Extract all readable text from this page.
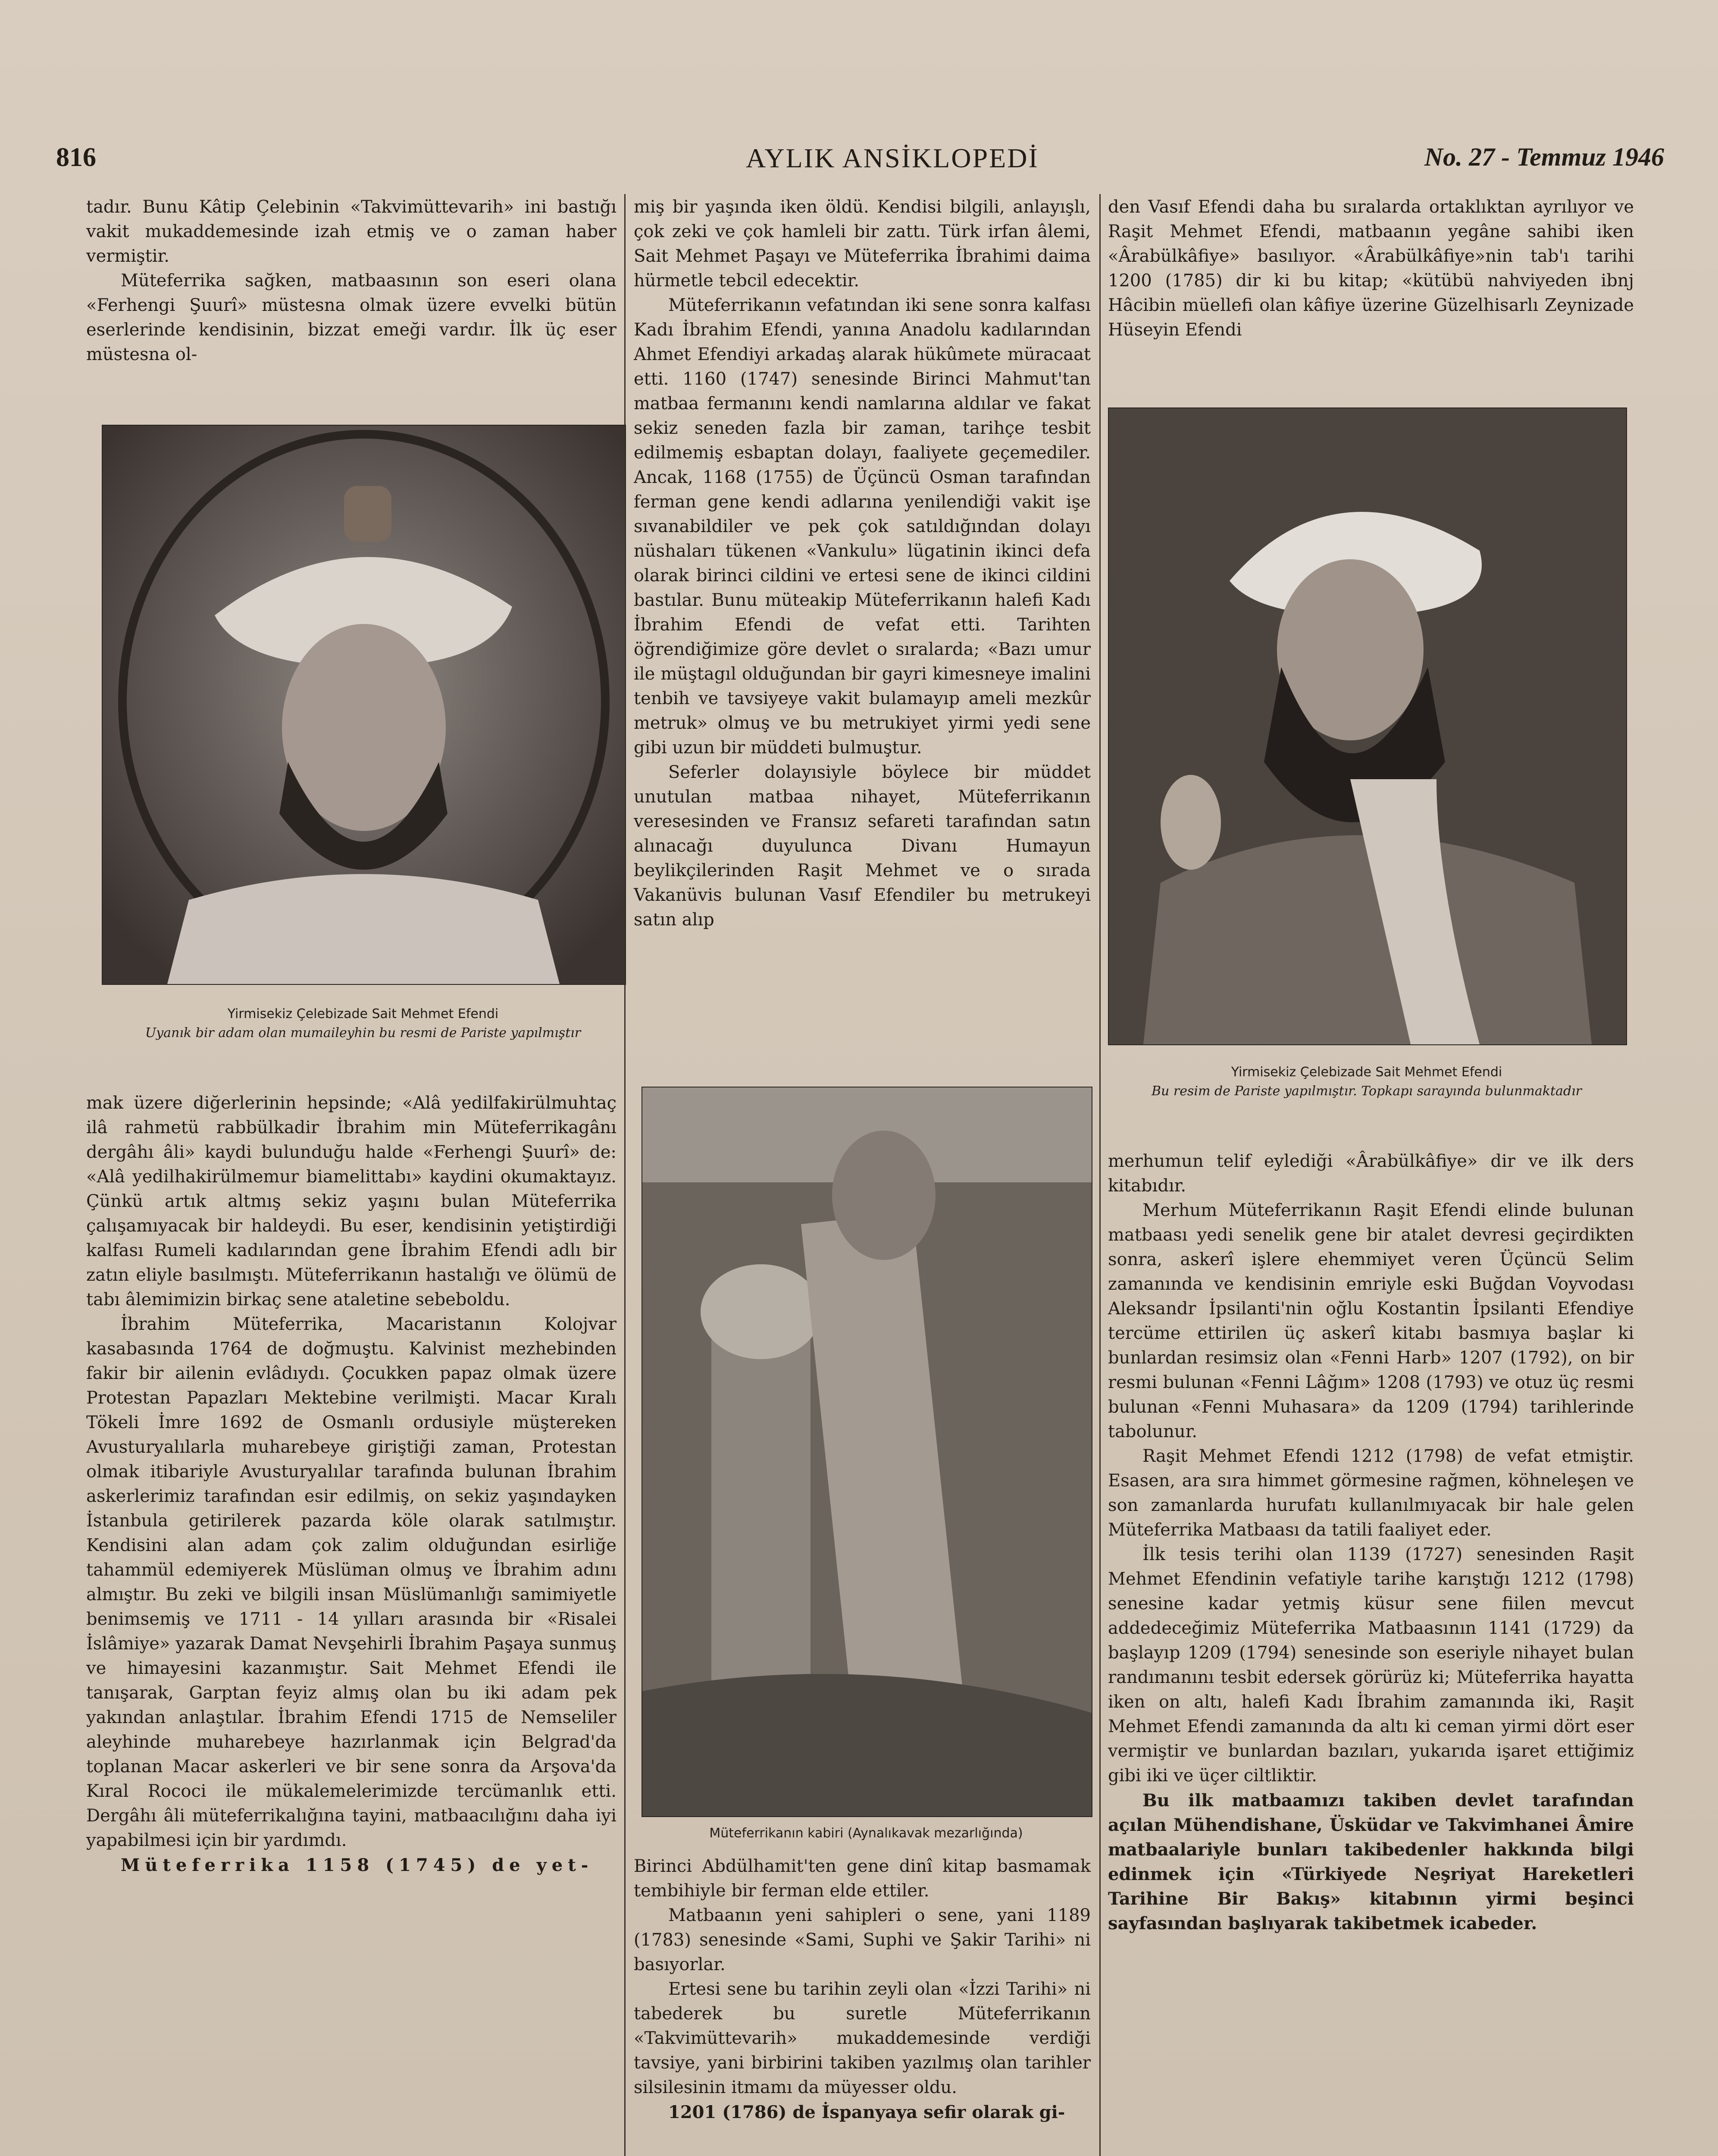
816	AYLIK ANSİKLOPEDİ	No. 27 - Temmuz 1946

tadır. Bunu Kâtip Çelebinin «Takvimüttevarih» ini bastığı vakit mukaddemesinde izah etmiş ve o zaman haber vermiştir.

Müteferrika sağken, matbaasının son eseri olana «Ferhengi Şuurî» müstesna olmak üzere evvelki bütün eserlerinde kendisinin, bizzat emeği vardır. İlk üç eser müstesna ol-

Yirmisekiz Çelebizade Sait Mehmet Efendi
Uyanık bir adam olan mumaileyhin bu resmi de Pariste yapılmıştır

mak üzere diğerlerinin hepsinde; «Alâ yedilfakirülmuhtaç ilâ rahmetü rabbülkadir İbrahim min Müteferrikagânı dergâhı âli» kaydi bulunduğu halde «Ferhengi Şuurî» de: «Alâ yedilhakirülmemur biamelittabı» kaydini okumaktayız. Çünkü artık altmış sekiz yaşını bulan Müteferrika çalışamıyacak bir haldeydi. Bu eser, kendisinin yetiştirdiği kalfası Rumeli kadılarından gene İbrahim Efendi adlı bir zatın eliyle basılmıştı. Müteferrikanın hastalığı ve ölümü de tabı âlemimizin birkaç sene ataletine sebeboldu.

İbrahim Müteferrika, Macaristanın Kolojvar kasabasında 1764 de doğmuştu. Kalvinist mezhebinden fakir bir ailenin evlâdıydı. Çocukken papaz olmak üzere Protestan Papazları Mektebine verilmişti. Macar Kıralı Tökeli İmre 1692 de Osmanlı ordusiyle müştereken Avusturyalılarla muharebeye giriştiği zaman, Protestan olmak itibariyle Avusturyalılar tarafında bulunan İbrahim askerlerimiz tarafından esir edilmiş, on sekiz yaşındayken İstanbula getirilerek pazarda köle olarak satılmıştır. Kendisini alan adam çok zalim olduğundan esirliğe tahammül edemiyerek Müslüman olmuş ve İbrahim adını almıştır. Bu zeki ve bilgili insan Müslümanlığı samimiyetle benimsemiş ve 1711 - 14 yılları arasında bir «Risalei İslâmiye» yazarak Damat Nevşehirli İbrahim Paşaya sunmuş ve himayesini kazanmıştır. Sait Mehmet Efendi ile tanışarak, Garptan feyiz almış olan bu iki adam pek yakından anlaştılar. İbrahim Efendi 1715 de Nemseliler aleyhinde muharebeye hazırlanmak için Belgrad'da toplanan Macar askerleri ve bir sene sonra da Arşova'da Kıral Rococi ile mükalemelerimizde tercümanlık etti. Dergâhı âli müteferrikalığına tayini, matbaacılığını daha iyi yapabilmesi için bir yardımdı.

Müteferrika 1158 (1745) de yet-

miş bir yaşında iken öldü. Kendisi bilgili, anlayışlı, çok zeki ve çok hamleli bir zattı. Türk irfan âlemi, Sait Mehmet Paşayı ve Müteferrika İbrahimi daima hürmetle tebcil edecektir.

Müteferrikanın vefatından iki sene sonra kalfası Kadı İbrahim Efendi, yanına Anadolu kadılarından Ahmet Efendiyi arkadaş alarak hükûmete müracaat etti. 1160 (1747) senesinde Birinci Mahmut'tan matbaa fermanını kendi namlarına aldılar ve fakat sekiz seneden fazla bir zaman, tarihçe tesbit edilmemiş esbaptan dolayı, faaliyete geçemediler. Ancak, 1168 (1755) de Üçüncü Osman tarafından ferman gene kendi adlarına yenilendiği vakit işe sıvanabildiler ve pek çok satıldığından dolayı nüshaları tükenen «Vankulu» lügatinin ikinci defa olarak birinci cildini ve ertesi sene de ikinci cildini bastılar. Bunu müteakip Müteferrikanın halefi Kadı İbrahim Efendi de vefat etti. Tarihten öğrendiğimize göre devlet o sıralarda; «Bazı umur ile müştagıl olduğundan bir gayri kimesneye imalini tenbih ve tavsiyeye vakit bulamayıp ameli mezkûr metruk» olmuş ve bu metrukiyet yirmi yedi sene gibi uzun bir müddeti bulmuştur.

Seferler dolayısiyle böylece bir müddet unutulan matbaa nihayet, Müteferrikanın veresesinden ve Fransız sefareti tarafından satın alınacağı duyulunca Divanı Humayun beylikçilerinden Raşit Mehmet ve o sırada Vakanüvis bulunan Vasıf Efendiler bu metrukeyi satın alıp

Müteferrikanın kabiri (Aynalıkavak mezarlığında)

Birinci Abdülhamit'ten gene dinî kitap basmamak tembihiyle bir ferman elde ettiler.

Matbaanın yeni sahipleri o sene, yani 1189 (1783) senesinde «Sami, Suphi ve Şakir Tarihi» ni basıyorlar.

Ertesi sene bu tarihin zeyli olan «İzzi Tarihi» ni tabederek bu suretle Müteferrikanın «Takvimüttevarih» mukaddemesinde verdiği tavsiye, yani birbirini takiben yazılmış olan tarihler silsilesinin itmamı da müyesser oldu.

1201 (1786) de İspanyaya sefir olarak gi-

den Vasıf Efendi daha bu sıralarda ortaklıktan ayrılıyor ve Raşit Mehmet Efendi, matbaanın yegâne sahibi iken «Ârabülkâfiye» basılıyor. «Ârabülkâfiye»nin tab'ı tarihi 1200 (1785) dir ki bu kitap; «kütübü nahviyeden ibnj Hâcibin müellefi olan kâfiye üzerine Güzelhisarlı Zeynizade Hüseyin Efendi

Yirmisekiz Çelebizade Sait Mehmet Efendi
Bu resim de Pariste yapılmıştır. Topkapı sarayında bulunmaktadır

merhumun telif eylediği «Ârabülkâfiye» dir ve ilk ders kitabıdır.

Merhum Müteferrikanın Raşit Efendi elinde bulunan matbaası yedi senelik gene bir atalet devresi geçirdikten sonra, askerî işlere ehemmiyet veren Üçüncü Selim zamanında ve kendisinin emriyle eski Buğdan Voyvodası Aleksandr İpsilanti'nin oğlu Kostantin İpsilanti Efendiye tercüme ettirilen üç askerî kitabı basmıya başlar ki bunlardan resimsiz olan «Fenni Harb» 1207 (1792), on bir resmi bulunan «Fenni Lâğım» 1208 (1793) ve otuz üç resmi bulunan «Fenni Muhasara» da 1209 (1794) tarihlerinde tabolunur.

Raşit Mehmet Efendi 1212 (1798) de vefat etmiştir. Esasen, ara sıra himmet görmesine rağmen, köhneleşen ve son zamanlarda hurufatı kullanılmıyacak bir hale gelen Müteferrika Matbaası da tatili faaliyet eder.

İlk tesis terihi olan 1139 (1727) senesinden Raşit Mehmet Efendinin vefatiyle tarihe karıştığı 1212 (1798) senesine kadar yetmiş küsur sene fiilen mevcut addedeceğimiz Müteferrika Matbaasının 1141 (1729) da başlayıp 1209 (1794) senesinde son eseriyle nihayet bulan randımanını tesbit edersek görürüz ki; Müteferrika hayatta iken on altı, halefi Kadı İbrahim zamanında iki, Raşit Mehmet Efendi zamanında da altı ki ceman yirmi dört eser vermiştir ve bunlardan bazıları, yukarıda işaret ettiğimiz gibi iki ve üçer ciltliktir.

Bu ilk matbaamızı takiben devlet tarafından açılan Mühendishane, Üsküdar ve Takvimhanei Âmire matbaalariyle bunları takibedenler hakkında bilgi edinmek için «Türkiyede Neşriyat Hareketleri Tarihine Bir Bakış» kitabının yirmi beşinci sayfasından başlıyarak takibetmek icabeder.
